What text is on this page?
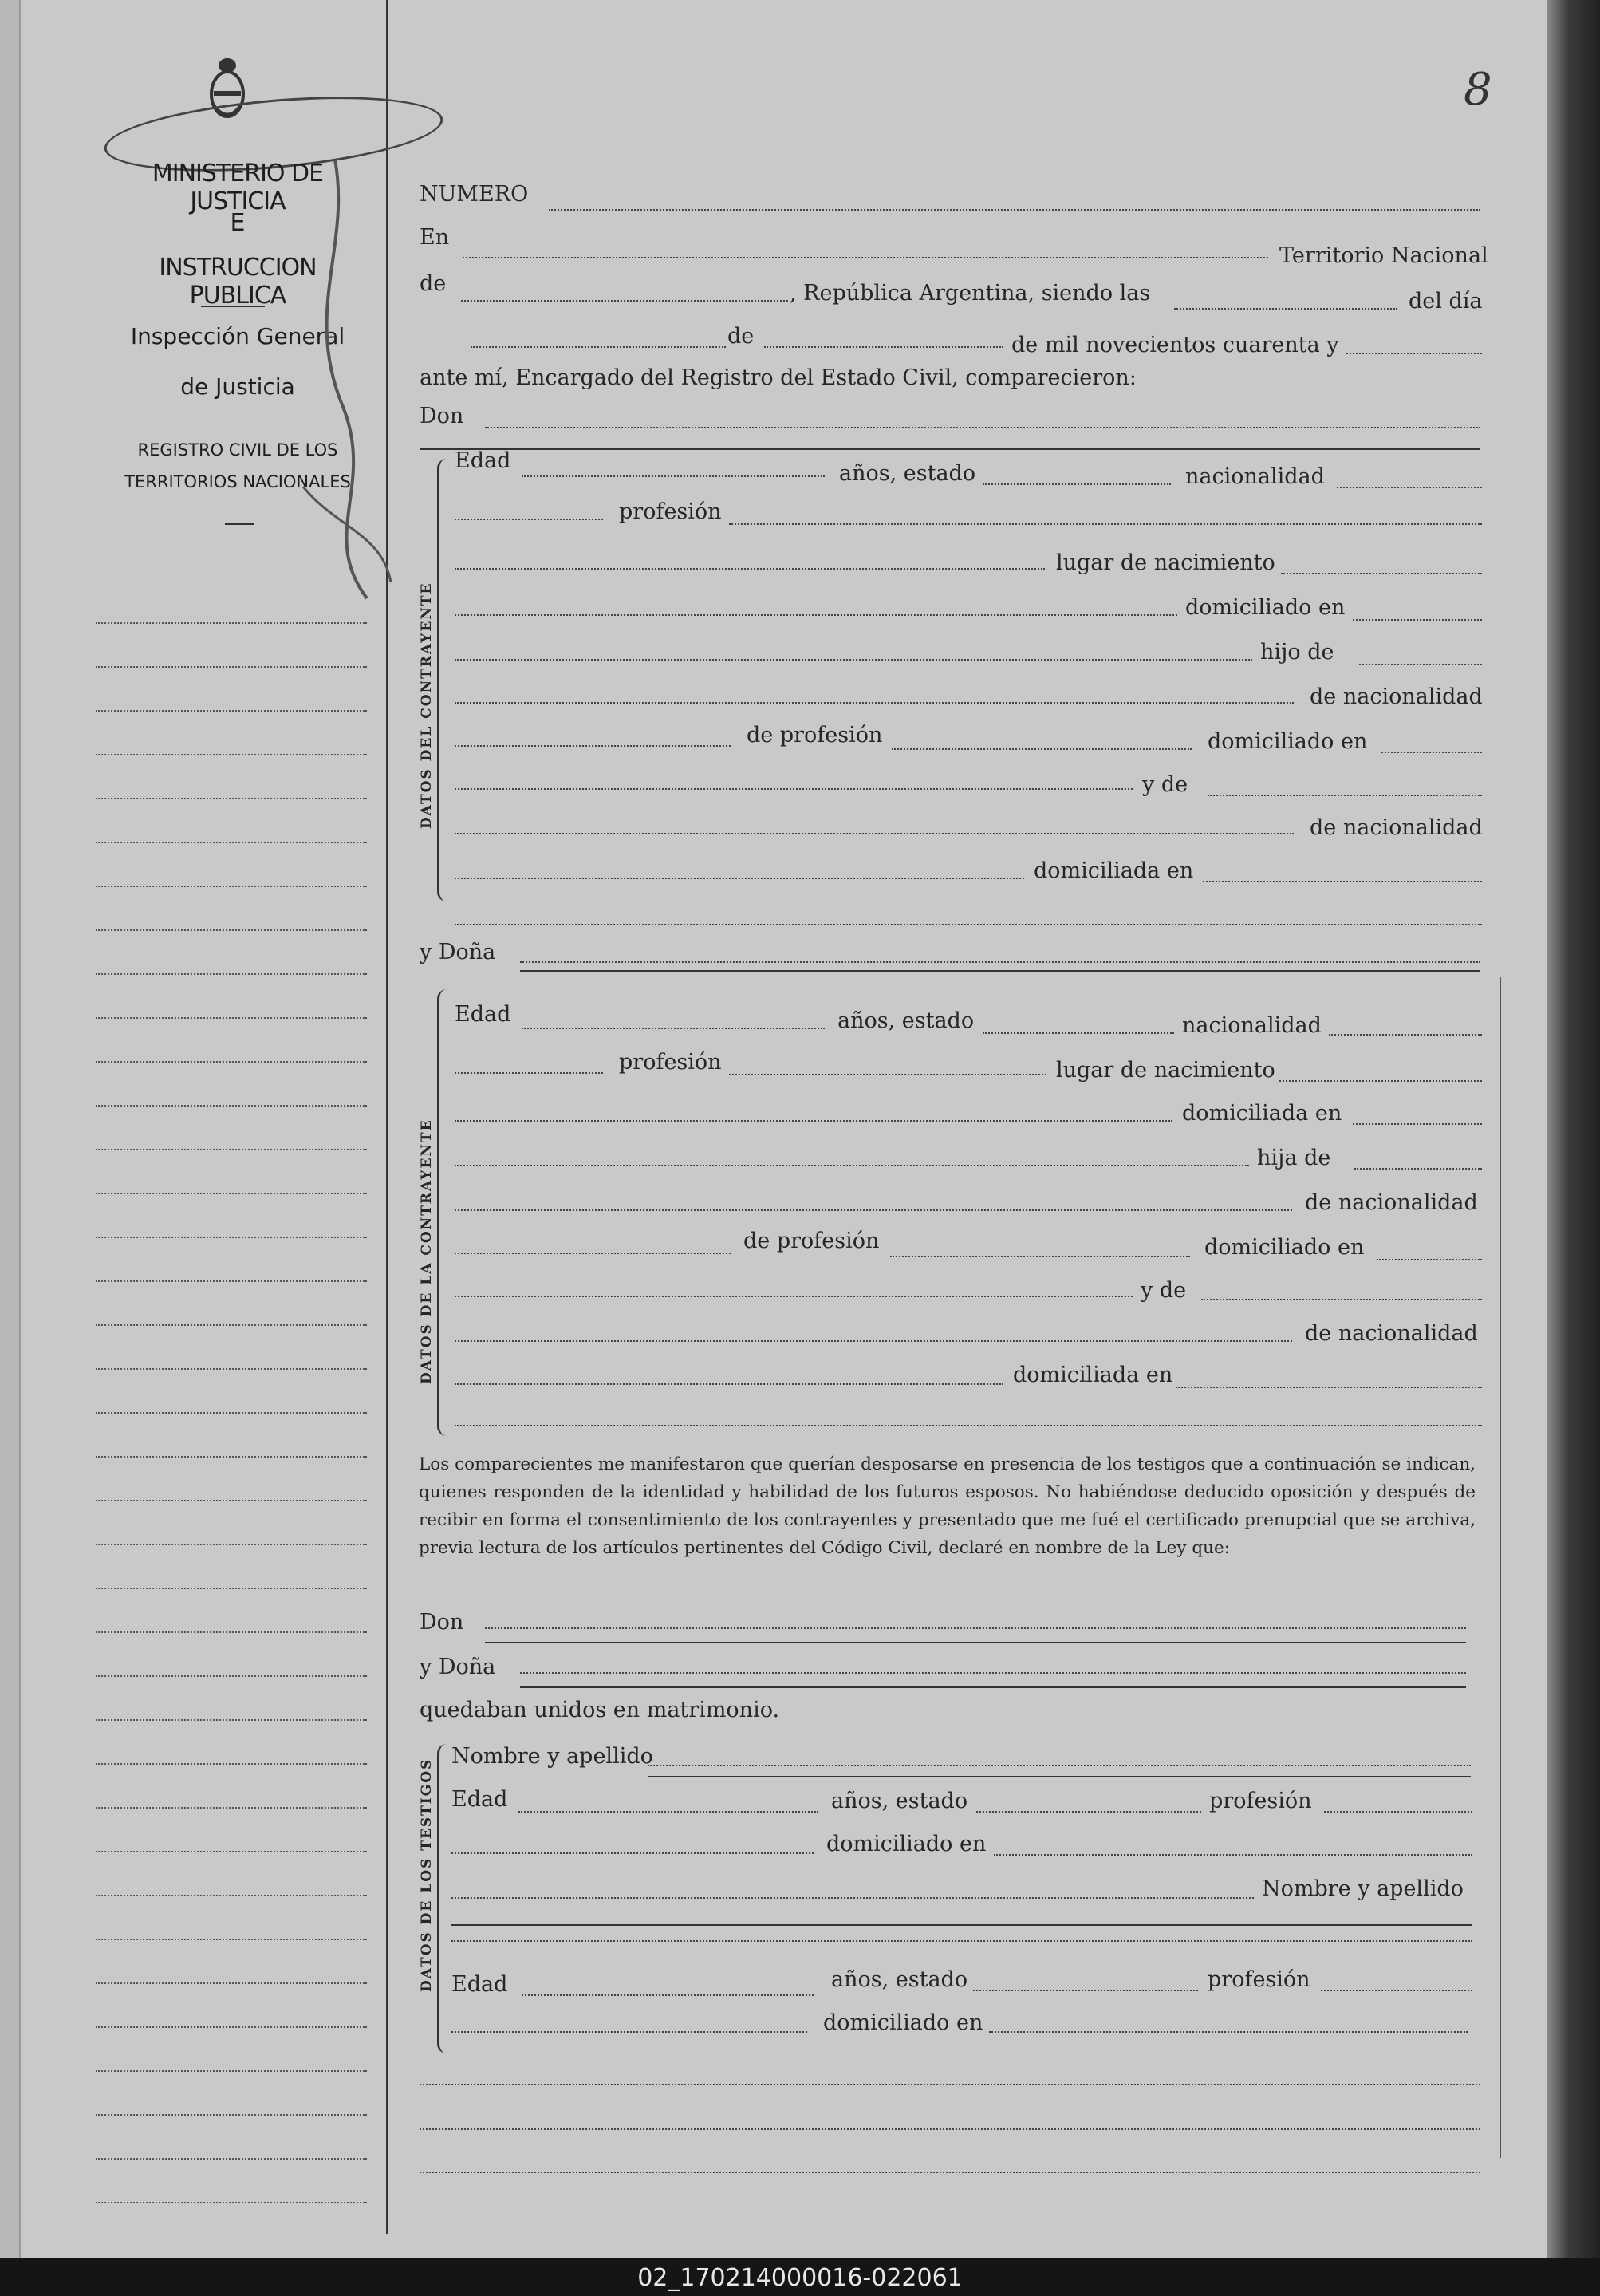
8
MINISTERIO DE JUSTICIA
E
INSTRUCCION PUBLICA
Inspección General
de Justicia
REGISTRO CIVIL DE LOS
TERRITORIOS NACIONALES
NUMERO
En
Territorio Nacional
de	, República Argentina, siendo las	del día
de	de mil novecientos cuarenta y
ante mí, Encargado del Registro del Estado Civil, comparecieron:
Don
DATOS DEL CONTRAYENTE
Edad
años, estado	nacionalidad
profesión
lugar de nacimiento
domiciliado en
hijo de
de nacionalidad
de profesión	domiciliado en
y de
de nacionalidad
domiciliada en
y Doña
DATOS DE LA CONTRAYENTE
Edad	años, estado	nacionalidad
profesión	lugar de nacimiento
domiciliada en
hija de
de nacionalidad
de profesión	domiciliado en
y de
de nacionalidad
domiciliada en
Los comparecientes me manifestaron que querían desposarse en presencia de los testigos que a continuación se indican, quienes responden de la identidad y habilidad de los futuros esposos. No habiéndose deducido oposición y después de recibir en forma el consentimiento de los contrayentes y presentado que me fué el certificado prenupcial que se archiva, previa lectura de los artículos pertinentes del Código Civil, declaré en nombre de la Ley que:
Don
y Doña
quedaban unidos en matrimonio.
DATOS DE LOS TESTIGOS
Nombre y apellido
Edad	años, estado	profesión
domiciliado en
Nombre y apellido
Edad	años, estado	profesión
domiciliado en
02_170214000016-022061
